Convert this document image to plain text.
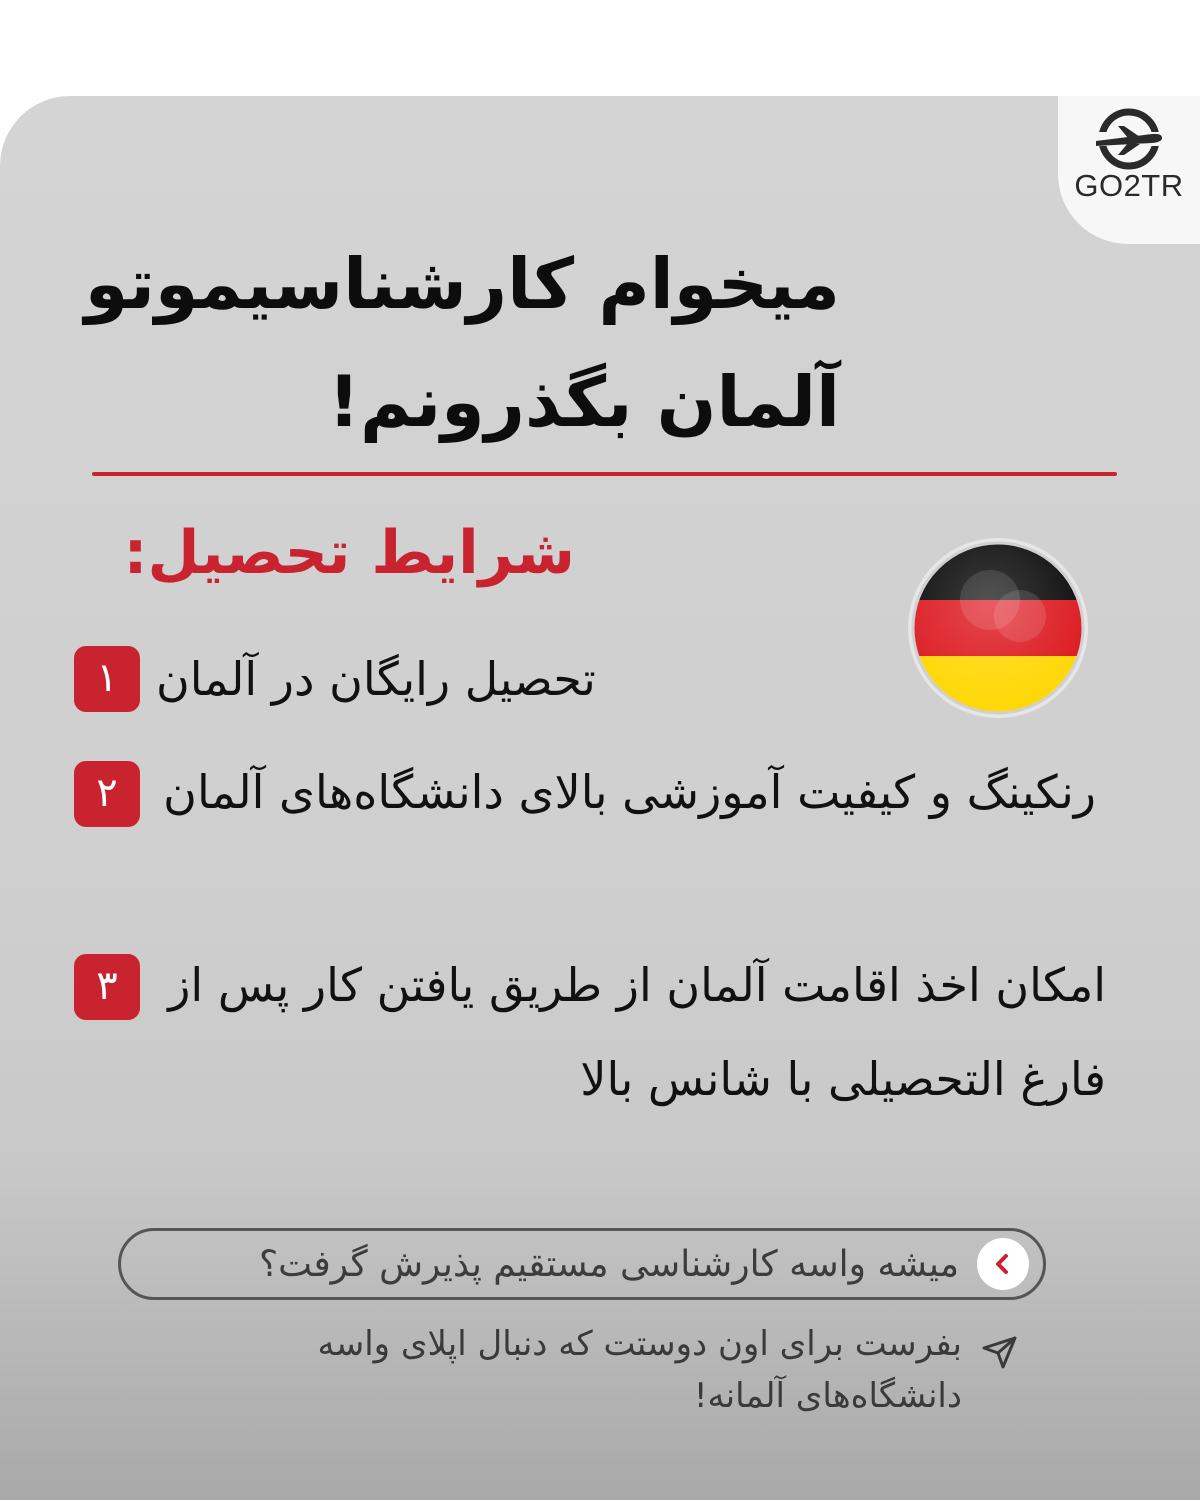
GO2TR
میخوام کارشناسیموتو
آلمان بگذرونم!
شرایط تحصیل:
۱ تحصیل رایگان در آلمان
۲ رنکینگ و کیفیت آموزشی بالای دانشگاه‌های آلمان
۳	امکان اخذ اقامت آلمان از طریق یافتن کار پس از فارغ التحصیلی با شانس بالا
میشه واسه کارشناسی مستقیم پذیرش گرفت؟
بفرست برای اون دوستت که دنبال اپلای واسه دانشگاه‌های آلمانه!
